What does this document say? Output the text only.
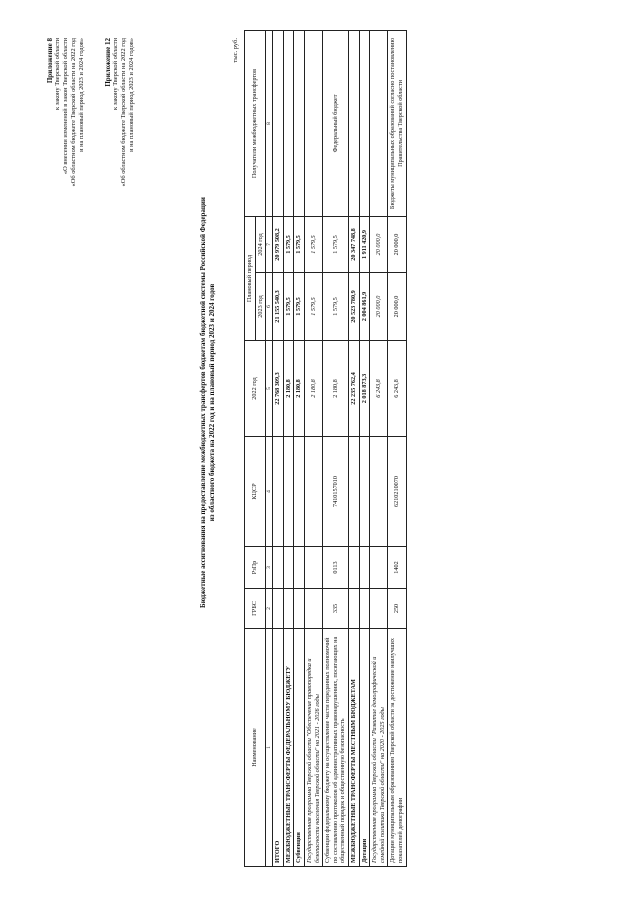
Приложение 8 к закону Тверской области «О внесении изменений в закон Тверской области «Об областном бюджете Тверской области на 2022 год и на плановый период 2023 и 2024 годов»	Приложение 12 к закону Тверской области «Об областном бюджете Тверской области на 2022 год и на плановый период 2023 и 2024 годов»
Бюджетные ассигнования на предоставление межбюджетных трансфертов бюджетам бюджетной системы Российской Федерации из областного бюджета на 2022 год и на плановый период 2023 и 2024 годов
тыс. руб.
Наименование	ГРБС	РзПр	КЦСР	2022 год	Плановый период		Получатели межбюджетных трансфертов
					2023 год	2024 год	
1	2	3	4	5	6	7	8
ИТОГО				22 768 309,3	21 155 540,3	20 979 508,2	
МЕЖБЮДЖЕТНЫЕ ТРАНСФЕРТЫ ФЕДЕРАЛЬНОМУ БЮДЖЕТУ				2 180,8	1 579,5	1 579,5	
Субвенции				2 180,8	1 579,5	1 579,5	
Государственная программа Тверской области "Обеспечение правопорядка и безопасности населения Тверской области" на 2021 - 2026 годы				2 180,8	1 579,5	1 579,5	
Субвенции федеральному бюджету на осуществление части переданных полномочий по составлению протоколов об административных правонарушениях, посягающих на общественный порядок и общественную безопасность	335	0113	7410157010	2 180,8	1 579,5	1 579,5	Федеральный бюджет
МЕЖБЮДЖЕТНЫЕ ТРАНСФЕРТЫ МЕСТНЫМ БЮДЖЕТАМ				22 235 762,4	20 523 780,9	20 347 748,8	
Дотации				2 018 873,3	2 004 861,9	1 911 420,9	
Государственная программа Тверской области "Развитие демографической и семейной политики Тверской области" на 2020 - 2025 годы				6 243,8	20 000,0	20 000,0	
Дотации муниципальным образованиям Тверской области за достижение наилучших показателей демографии	250	1402	6210210070	6 243,8	20 000,0	20 000,0	Бюджеты муниципальных образований согласно постановлению Правительства Тверской области
